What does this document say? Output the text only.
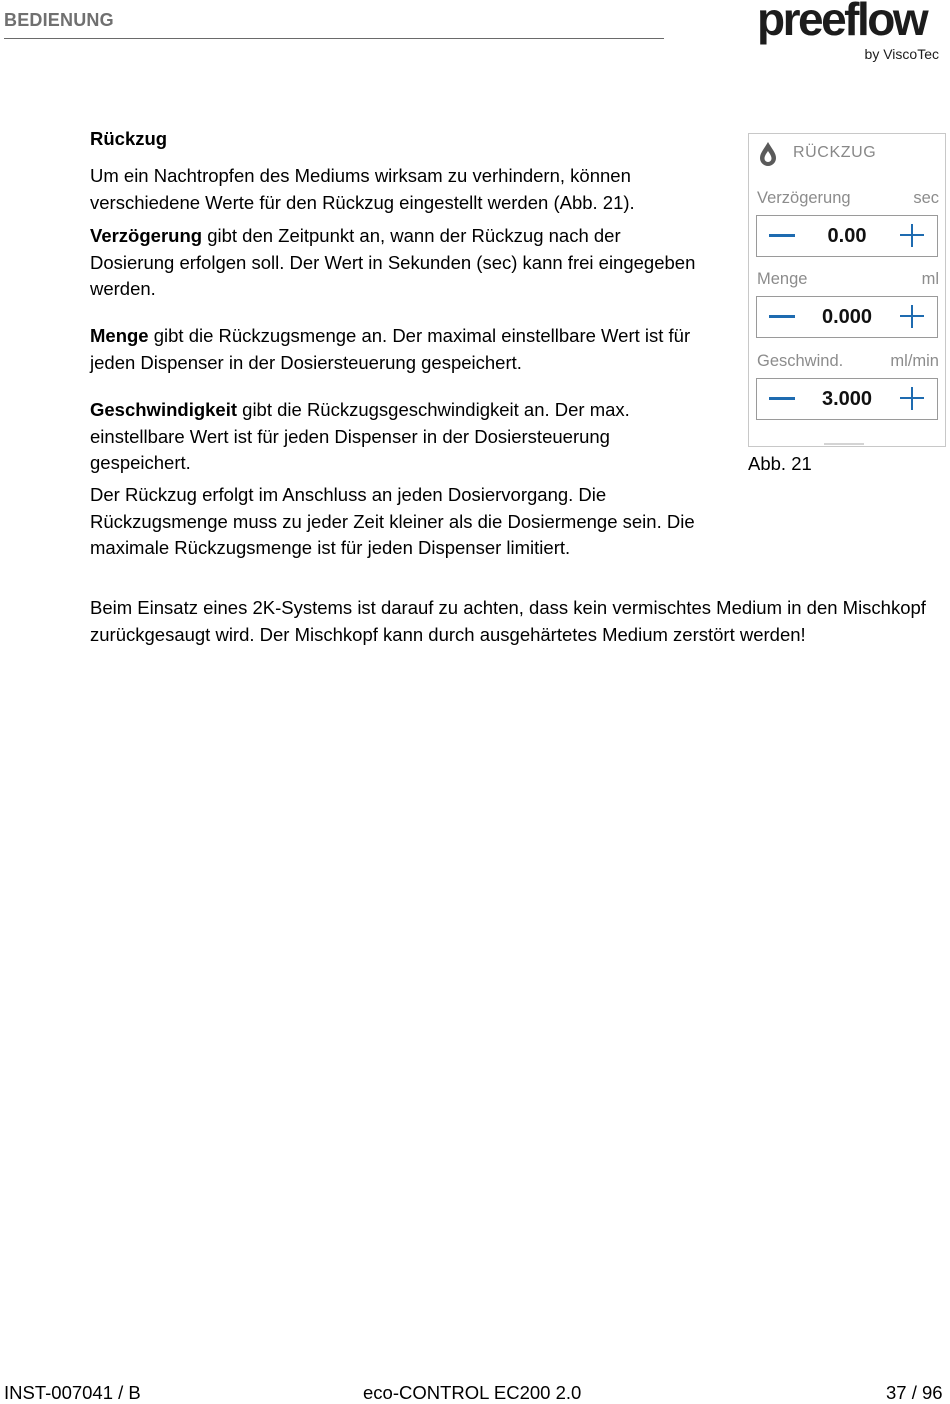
BEDIENUNG	preeflow
by ViscoTec
Rückzug
Um ein Nachtropfen des Mediums wirksam zu verhindern, können verschiedene Werte für den Rückzug eingestellt werden (Abb. 21).
Verzögerung gibt den Zeitpunkt an, wann der Rückzug nach der Dosierung erfolgen soll. Der Wert in Sekunden (sec) kann frei eingegeben werden.
Menge gibt die Rückzugsmenge an. Der maximal einstellbare Wert ist für jeden Dispenser in der Dosiersteuerung gespeichert.
Geschwindigkeit gibt die Rückzugsgeschwindigkeit an. Der max. einstellbare Wert ist für jeden Dispenser in der Dosiersteuerung gespeichert.
Der Rückzug erfolgt im Anschluss an jeden Dosiervorgang. Die Rückzugsmenge muss zu jeder Zeit kleiner als die Dosiermenge sein. Die maximale Rückzugsmenge ist für jeden Dispenser limitiert.
Beim Einsatz eines 2K-Systems ist darauf zu achten, dass kein vermischtes Medium in den Mischkopf zurückgesaugt wird. Der Mischkopf kann durch ausgehärtetes Medium zerstört werden!
RÜCKZUG
Verzögerung	sec
0.00
Menge	ml
0.000
Geschwind.	ml/min
3.000
Abb. 21
INST-007041 / B	eco-CONTROL EC200 2.0	37 / 96
